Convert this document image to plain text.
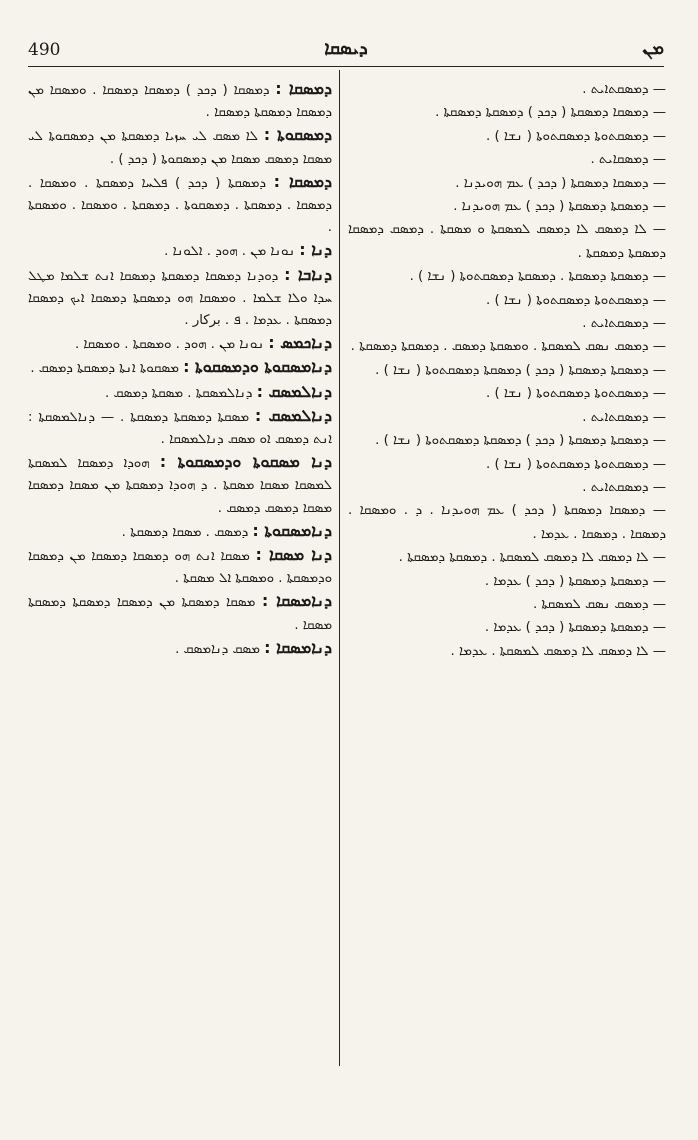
490	ܕܝܣܩܐ	ܡܢ

— ܕܡܣܩܬܐܝܬ .

— ܕܡܣܩܐ ܕܡܣܩܬܐ ( ܕܟܕ ) ܕܡܣܩܬܐ ܕܡܣܩܬܐ .

— ܕܡܣܩܬܘܬܐ ܕܡܣܩܬܘܬܐ ( ܢܫܐ ) .

— ܕܡܣܩܐܝܬ .

— ܕܡܣܩܐ ܕܡܣܩܬܐ ( ܕܟܕ ) ܥܡ ܗܘܝܕܢܐ .

— ܕܡܣܩܬܐ ܕܡܣܩܬܐ ( ܕܟܕ ) ܥܡ ܗܘܝܕܢܐ .

— ܠܐ ܕܡܣܩ ܠܐ ܕܡܣܩ ܠܡܣܩܬܐ ܘ ܡܣܩܬܐ . ܕܡܣܩ ܕܡܣܩܐ ܕܡܣܩܬܐ ܕܡܣܩܬܐ .

— ܕܡܣܩܬܐ ܕܡܣܩܬܐ . ܕܡܣܩܬܐ ܕܡܣܩܬܘܬܐ ( ܢܫܐ ) .

— ܕܡܣܩܬܘܬܐ ܕܡܣܩܬܘܬܐ ( ܢܫܐ ) .

— ܕܡܣܩܬܐܝܬ .

— ܕܡܣܩ ܢܣܩ ܠܡܣܩܬܐ . ܘܡܣܩܬܐ ܕܡܣܩ . ܕܡܣܩܬܐ ܕܡܣܩܬܐ .

— ܕܡܣܩܬܐ ܕܡܣܩܬܐ ( ܕܟܕ ) ܕܡܣܩܬܐ ܕܡܣܩܬܘܬܐ ( ܢܫܐ ) .

— ܕܡܣܩܬܘܬܐ ܕܡܣܩܬܘܬܐ ( ܢܫܐ ) .

— ܕܡܣܩܬܐܝܬ .

— ܕܡܣܩܬܐ ܕܡܣܩܬܐ ( ܕܟܕ ) ܕܡܣܩܬܐ ܕܡܣܩܬܘܬܐ ( ܢܫܐ ) .

— ܕܡܣܩܬܘܬܐ ܕܡܣܩܬܘܬܐ ( ܢܫܐ ) .

— ܕܡܣܩܬܐܝܬ .

— ܕܡܣܩܐ ܕܡܣܩܬܐ ( ܕܟܕ ) ܥܡ ܗܘܝܕܢܐ . ܕ . ܘܡܣܩܐ . ܕܡܣܩܐ . ܕܡܣܩܐ . ܥܕܡܐ .

— ܠܐ ܕܡܣܩ ܠܐ ܕܡܣܩ ܠܡܣܩܬܐ . ܕܡܣܩܬܐ ܕܡܣܩܬܐ .

— ܕܡܣܩܬܐ ܕܡܣܩܬܐ ( ܕܟܕ ) ܥܕܡܐ .

— ܕܡܣܩ ܢܣܩ ܠܡܣܩܬܐ .

— ܕܡܣܩܬܐ ܕܡܣܩܬܐ ( ܕܟܕ ) ܥܕܡܐ .

— ܠܐ ܕܡܣܩ ܠܐ ܕܡܣܩ ܠܡܣܩܬܐ . ܥܕܡܐ .

ܕܡܣܩܐ : ܕܡܣܩܐ ( ܕܟܕ ) ܕܡܣܩܐ ܕܡܣܩܐ . ܘܡܣܩܐ ܡܢ ܕܡܣܩܐ ܕܡܣܩܬܐ ܕܡܣܩܐ .

ܕܡܣܩܘܬܐ : ܠܐ ܡܣܩ ܠܝ ܚܙܝܐ ܕܡܣܩܬܐ ܡܢ ܕܡܣܩܘܬܐ ܠܝ ܡܣܩܐ ܕܡܣܩ ܡܣܩܐ ܡܢ ܕܡܣܩܘܬܐ ( ܕܟܕ ) .

ܕܡܣܩܐ : ܕܡܣܩܬܐ ( ܕܟܕ ) ܦܠܚܐ ܕܡܣܩܬܐ . ܘܡܣܩܐ . ܕܡܣܩܐ . ܕܡܣܩܬܐ . ܕܡܣܩܘܬܐ . ܕܡܣܩܬܐ . ܘܡܣܩܐ . ܘܡܣܩܬܐ .

ܕܢܐ : ܢܘܢܐ ܡܢ . ܗܘܕ . ܐܠܘܢܐ .

ܕܢܐܒܐ : ܕܘܕܢܐ ܕܡܣܩܐ ܕܡܣܩܬܐ ܕܡܣܩܐ ܐܢܬ ܫܠܡܐ ܡܛܠ ܚܕܐ ܘܠܐ ܫܠܡܐ . ܘܡܣܩܐ ܗܘ ܕܡܣܩܬܐ ܕܡܣܩܐ ܐܝܟ ܕܡܣܩܐ ܕܡܣܩܬܐ . ܥܕܡܐ . ܦ . برکار .

ܕܢܐܟܡܣ : ܢܘܢܐ ܡܢ . ܗܘܕ . ܘܡܣܩܬܐ . ܘܡܣܩܐ .

ܕܢܐܡܣܩܘܬܐ ܘܕܡܣܩܘܬܐ : ܡܣܩܘܬܐ ܐܢܬܐ ܕܡܣܩܬܐ ܕܡܣܩ .

ܕܢܐܠܡܣܩ : ܕܢܐܠܡܣܩܬܐ . ܡܣܩܬܐ ܕܡܣܩ .

ܕܢܐܠܡܣܩ : ܡܣܩܬܐ ܕܡܣܩܬܐ ܕܡܣܩܬܐ . — ܕܢܐܠܡܣܩܬܐ : ܐܢܬ ܕܡܣܩ ܐܘ ܡܣܩ ܕܢܐܠܡܣܩܐ .

ܕܢܐ ܡܣܩܘܬܐ ܘܕܡܣܩܘܬܐ : ܗܘܕܐ ܕܡܣܩܐ ܠܡܣܩܬܐ ܠܡܣܩܐ ܡܣܩܐ ܡܣܩܬܐ . ܕ ܗܘܕܐ ܕܡܣܩܬܐ ܡܢ ܡܣܩܐ ܕܡܣܩܐ ܡܣܩܐ ܕܡܣܩ ܕܡܣܩ .

ܕܢܐܡܣܩܘܬܐ : ܕܡܣܩ . ܡܣܩܐ ܕܡܣܩܬܐ .

ܕܢܐ ܡܣܩܐ : ܡܣܩܐ ܐܢܬ ܗܘ ܕܡܣܩܐ ܕܡܣܩܐ ܡܢ ܕܡܣܩܐ ܘܕܡܣܩܬܐ . ܘܡܣܩܬܐ ܐܠ ܡܣܩܬܐ .

ܕܢܐܡܣܩܐ : ܡܣܩܐ ܕܡܣܩܬܐ ܡܢ ܕܡܣܩܐ ܕܡܣܩܬܐ ܕܡܣܩܬܐ ܡܣܩܐ .

ܕܢܐܡܣܩܐ : ܡܣܩ ܕܢܐܡܣܩ .
